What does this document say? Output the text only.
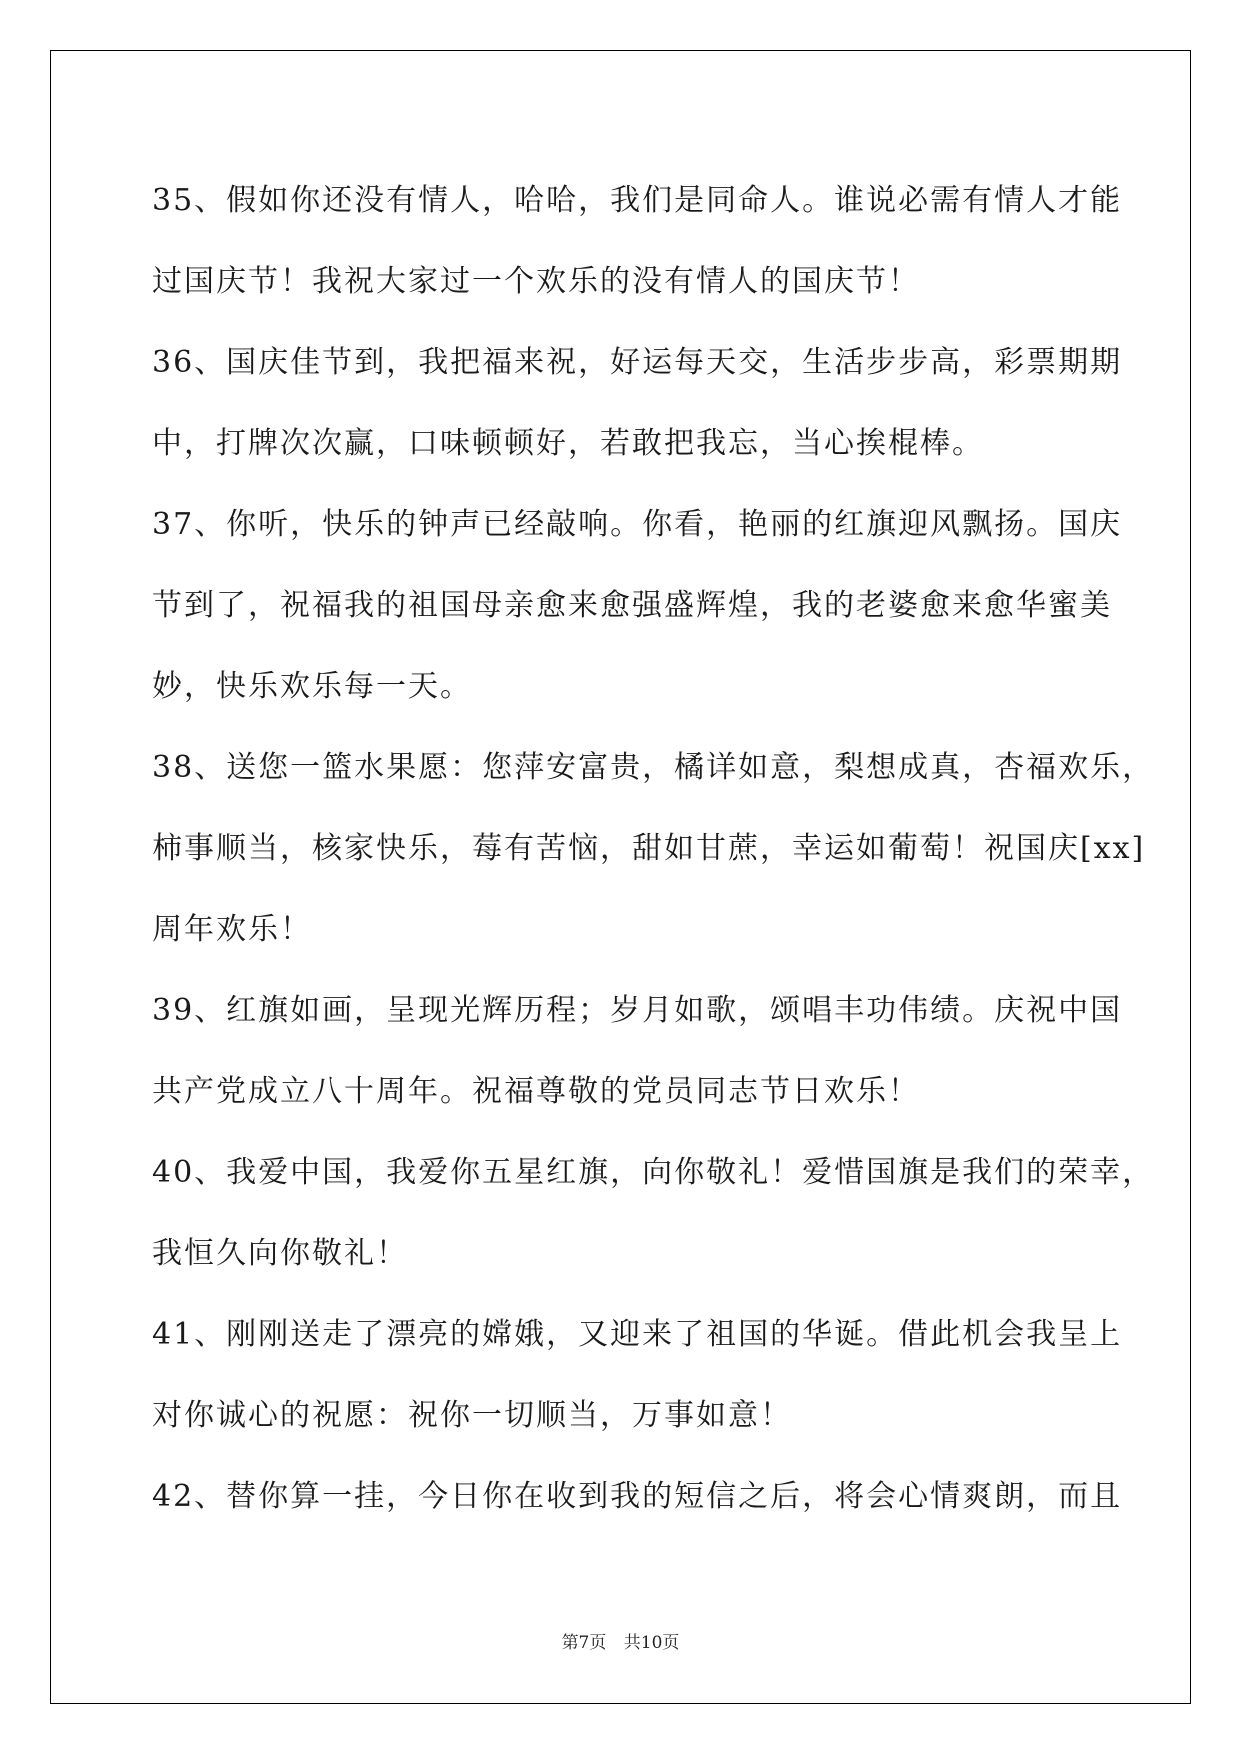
35、假如你还没有情人，哈哈，我们是同命人。谁说必需有情人才能
过国庆节！我祝大家过一个欢乐的没有情人的国庆节！
36、国庆佳节到，我把福来祝，好运每天交，生活步步高，彩票期期
中，打牌次次赢，口味顿顿好，若敢把我忘，当心挨棍棒。
37、你听，快乐的钟声已经敲响。你看，艳丽的红旗迎风飘扬。国庆
节到了，祝福我的祖国母亲愈来愈强盛辉煌，我的老婆愈来愈华蜜美
妙，快乐欢乐每一天。
38、送您一篮水果愿：您萍安富贵，橘详如意，梨想成真，杏福欢乐，
柿事顺当，核家快乐，莓有苦恼，甜如甘蔗，幸运如葡萄！祝国庆[xx]
周年欢乐！
39、红旗如画，呈现光辉历程；岁月如歌，颂唱丰功伟绩。庆祝中国
共产党成立八十周年。祝福尊敬的党员同志节日欢乐！
40、我爱中国，我爱你五星红旗，向你敬礼！爱惜国旗是我们的荣幸，
我恒久向你敬礼！
41、刚刚送走了漂亮的嫦娥，又迎来了祖国的华诞。借此机会我呈上
对你诚心的祝愿：祝你一切顺当，万事如意！
42、替你算一挂，今日你在收到我的短信之后，将会心情爽朗，而且
第7页 共10页
